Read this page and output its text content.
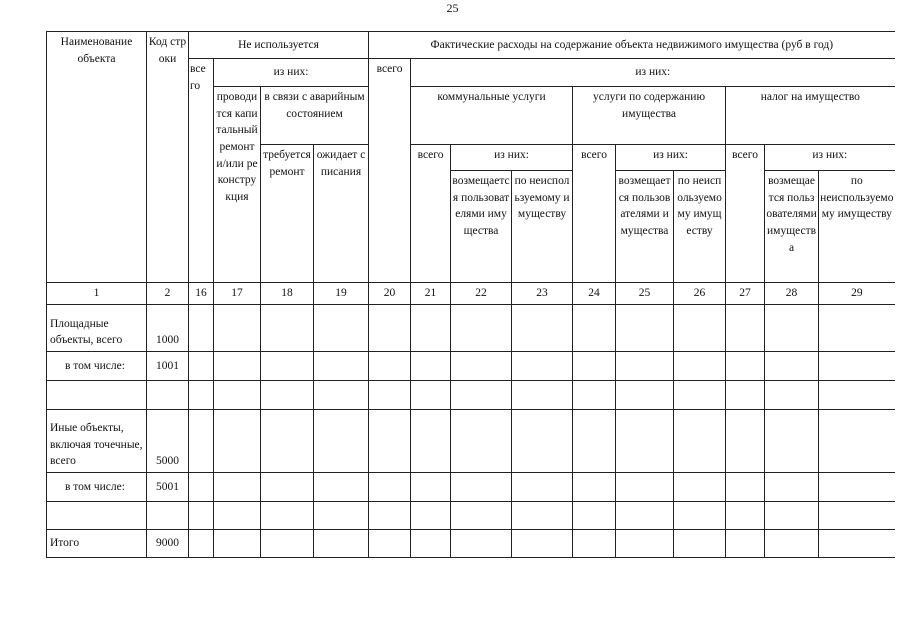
25
Наименование объекта	Код строки	Не используется				Фактические расходы на содержание объекта недвижимого имущества (руб в год)									
		все го	из них:			всего	из них:								
			проводится капитальный ремонт и/или реконструкция	в связи с аварийным состоянием			коммунальные услуги			услуги по содержанию имущества			налог на имущество		
				требуется ремонт	ожидает списания		всего	из них:		всего	из них:		всего	из них:	
								возмещается пользователями имущества	по неиспользуемому имуществу		возмещается пользователями имущества	по неиспользуемому имуществу		возмещается пользователями имущества	по неиспользуемому имуществу

1	2	16	17	18	19	20	21	22	23	24	25	26	27	28	29
Площадные объекты, всего	1000														
в том числе:	1001														

Иные объекты, включая точечные, всего	5000														
в том числе:	5001														

Итого	9000														
